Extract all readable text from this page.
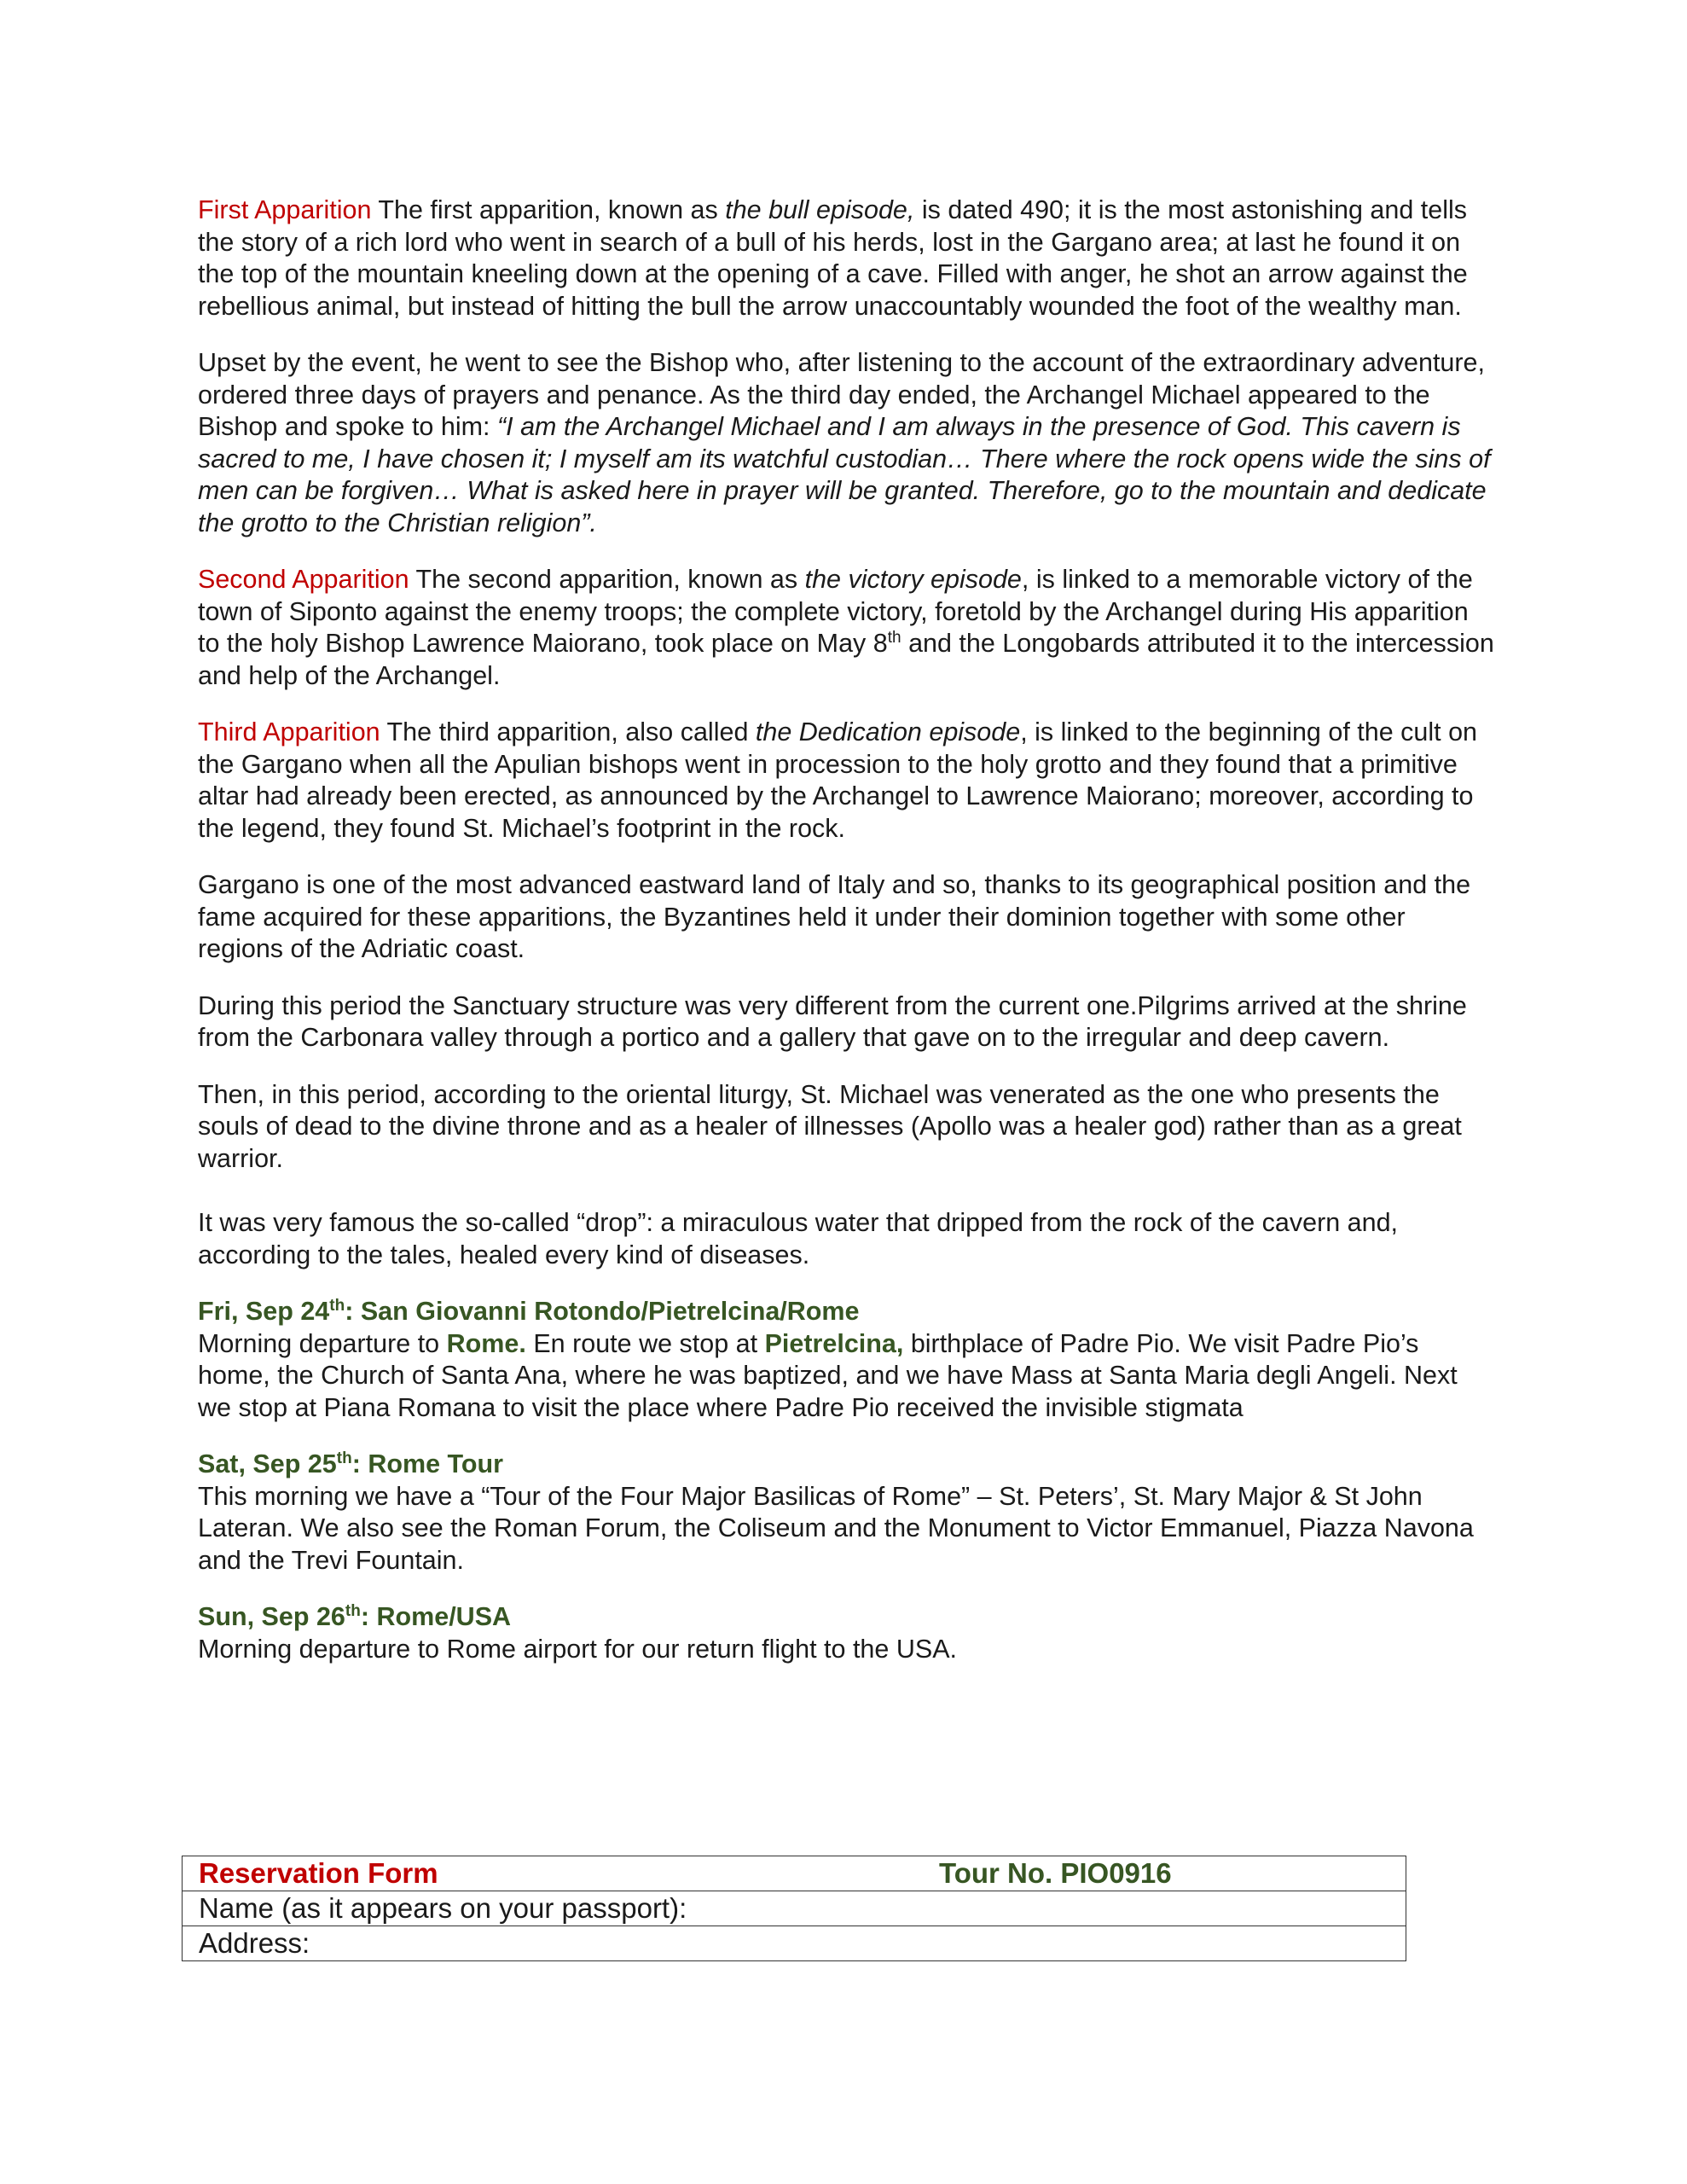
First Apparition The first apparition, known as the bull episode, is dated 490; it is the most astonishing and tells the story of a rich lord who went in search of a bull of his herds, lost in the Gargano area; at last he found it on the top of the mountain kneeling down at the opening of a cave. Filled with anger, he shot an arrow against the rebellious animal, but instead of hitting the bull the arrow unaccountably wounded the foot of the wealthy man.

Upset by the event, he went to see the Bishop who, after listening to the account of the extraordinary adventure, ordered three days of prayers and penance. As the third day ended, the Archangel Michael appeared to the Bishop and spoke to him: “I am the Archangel Michael and I am always in the presence of God. This cavern is sacred to me, I have chosen it; I myself am its watchful custodian… There where the rock opens wide the sins of men can be forgiven… What is asked here in prayer will be granted. Therefore, go to the mountain and dedicate the grotto to the Christian religion”.

Second Apparition The second apparition, known as the victory episode, is linked to a memorable victory of the town of Siponto against the enemy troops; the complete victory, foretold by the Archangel during His apparition to the holy Bishop Lawrence Maiorano, took place on May 8th and the Longobards attributed it to the intercession and help of the Archangel.

Third Apparition The third apparition, also called the Dedication episode, is linked to the beginning of the cult on the Gargano when all the Apulian bishops went in procession to the holy grotto and they found that a primitive altar had already been erected, as announced by the Archangel to Lawrence Maiorano; moreover, according to the legend, they found St. Michael’s footprint in the rock.

Gargano is one of the most advanced eastward land of Italy and so, thanks to its geographical position and the fame acquired for these apparitions, the Byzantines held it under their dominion together with some other regions of the Adriatic coast.

During this period the Sanctuary structure was very different from the current one.Pilgrims arrived at the shrine from the Carbonara valley through a portico and a gallery that gave on to the irregular and deep cavern.

Then, in this period, according to the oriental liturgy, St. Michael was venerated as the one who presents the souls of dead to the divine throne and as a healer of illnesses (Apollo was a healer god) rather than as a great warrior.

It was very famous the so-called “drop”: a miraculous water that dripped from the rock of the cavern and, according to the tales, healed every kind of diseases.

Fri, Sep 24th: San Giovanni Rotondo/Pietrelcina/Rome

Morning departure to Rome. En route we stop at Pietrelcina, birthplace of Padre Pio. We visit Padre Pio’s home, the Church of Santa Ana, where he was baptized, and we have Mass at Santa Maria degli Angeli. Next we stop at Piana Romana to visit the place where Padre Pio received the invisible stigmata

Sat, Sep 25th: Rome Tour

This morning we have a “Tour of the Four Major Basilicas of Rome” – St. Peters’, St. Mary Major & St John Lateran. We also see the Roman Forum, the Coliseum and the Monument to Victor Emmanuel, Piazza Navona and the Trevi Fountain.

Sun, Sep 26th: Rome/USA

Morning departure to Rome airport for our return flight to the USA.

Reservation Form	Tour No. PIO0916

Name (as it appears on your passport):
Address:
